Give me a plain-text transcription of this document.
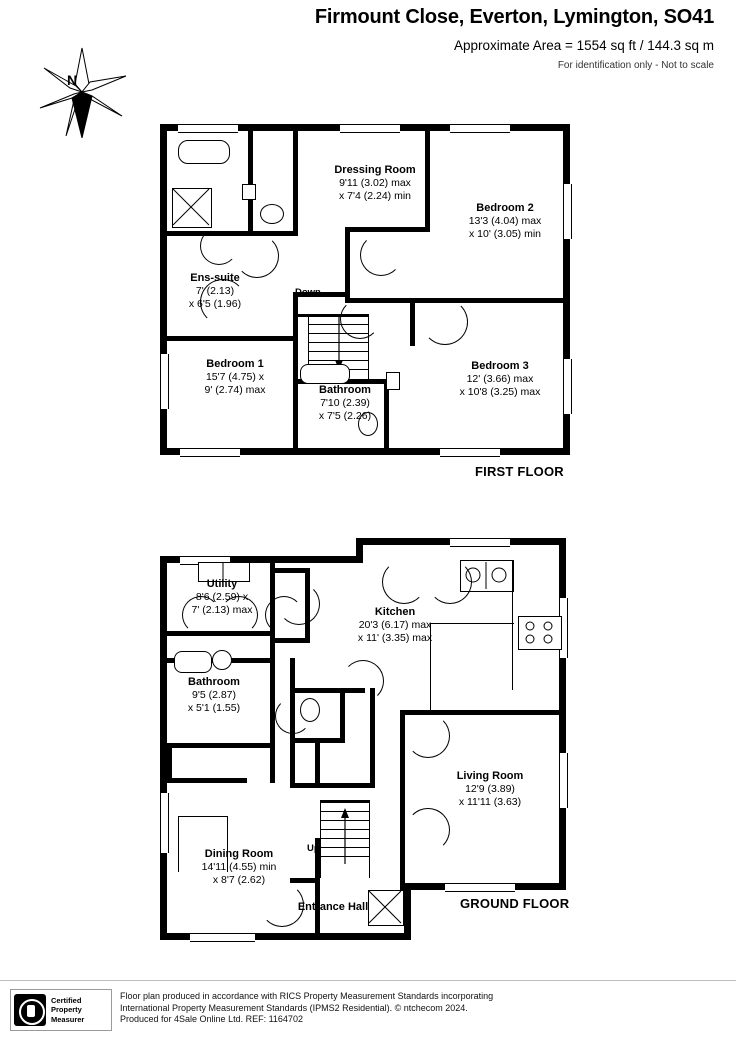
Firmount Close, Everton, Lymington, SO41
Approximate Area = 1554 sq ft / 144.3 sq m
For identification only - Not to scale
N
Down
Ens-suite
7' (2.13)
x 6'5 (1.96)
Dressing Room
9'11 (3.02) max
x 7'4 (2.24) min
Bedroom 2
13'3 (4.04) max
x 10' (3.05) min
Bedroom 1
15'7 (4.75) x
9' (2.74) max	Bathroom
7'10 (2.39)
x 7'5 (2.26)
Bedroom 3
12' (3.66) max
x 10'8 (3.25) max
FIRST FLOOR
Up
Kitchen
20'3 (6.17) max
x 11' (3.35) max
Utility
8'6 (2.59) x
7' (2.13) max
Bathroom
9'5 (2.87)
x 5'1 (1.55)
Living Room
12'9 (3.89)
x 11'11 (3.63)
Dining Room
14'11 (4.55) min
x 8'7 (2.62)
Entrance Hall	GROUND FLOOR
Certified
Property
Measurer
Floor plan produced in accordance with RICS Property Measurement Standards incorporating
International Property Measurement Standards (IPMS2 Residential). © ntchecom 2024.
Produced for 4Sale Online Ltd. REF: 1164702
